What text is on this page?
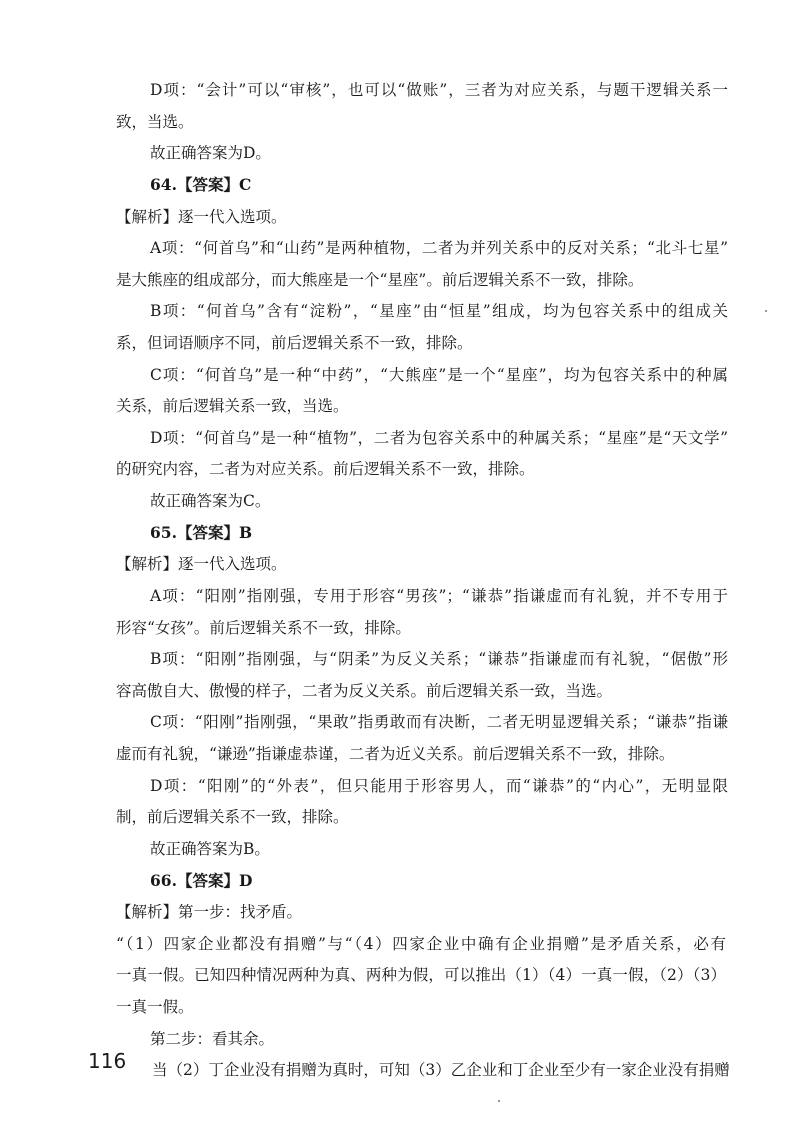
D项：“会计”可以“审核”，也可以“做账”，三者为对应关系，与题干逻辑关系一
致，当选。
故正确答案为D。
64.【答案】C
【解析】逐一代入选项。
A项：“何首乌”和“山药”是两种植物，二者为并列关系中的反对关系；“北斗七星”
是大熊座的组成部分，而大熊座是一个“星座”。前后逻辑关系不一致，排除。
B项：“何首乌”含有“淀粉”，“星座”由“恒星”组成，均为包容关系中的组成关
系，但词语顺序不同，前后逻辑关系不一致，排除。
C项：“何首乌”是一种“中药”，“大熊座”是一个“星座”，均为包容关系中的种属
关系，前后逻辑关系一致，当选。
D项：“何首乌”是一种“植物”，二者为包容关系中的种属关系；“星座”是“天文学”
的研究内容，二者为对应关系。前后逻辑关系不一致，排除。
故正确答案为C。
65.【答案】B
【解析】逐一代入选项。
A项：“阳刚”指刚强，专用于形容“男孩”；“谦恭”指谦虚而有礼貌，并不专用于
形容“女孩”。前后逻辑关系不一致，排除。
B项：“阳刚”指刚强，与“阴柔”为反义关系；“谦恭”指谦虚而有礼貌，“倨傲”形
容高傲自大、傲慢的样子，二者为反义关系。前后逻辑关系一致，当选。
C项：“阳刚”指刚强，“果敢”指勇敢而有决断，二者无明显逻辑关系；“谦恭”指谦
虚而有礼貌，“谦逊”指谦虚恭谨，二者为近义关系。前后逻辑关系不一致，排除。
D项：“阳刚”的“外表”，但只能用于形容男人，而“谦恭”的“内心”，无明显限
制，前后逻辑关系不一致，排除。
故正确答案为B。
66.【答案】D
【解析】第一步：找矛盾。
“（1）四家企业都没有捐赠”与“（4）四家企业中确有企业捐赠”是矛盾关系，必有
一真一假。已知四种情况两种为真、两种为假，可以推出（1）（4）一真一假，（2）（3）
一真一假。
第二步：看其余。
当（2）丁企业没有捐赠为真时，可知（3）乙企业和丁企业至少有一家企业没有捐赠
116
